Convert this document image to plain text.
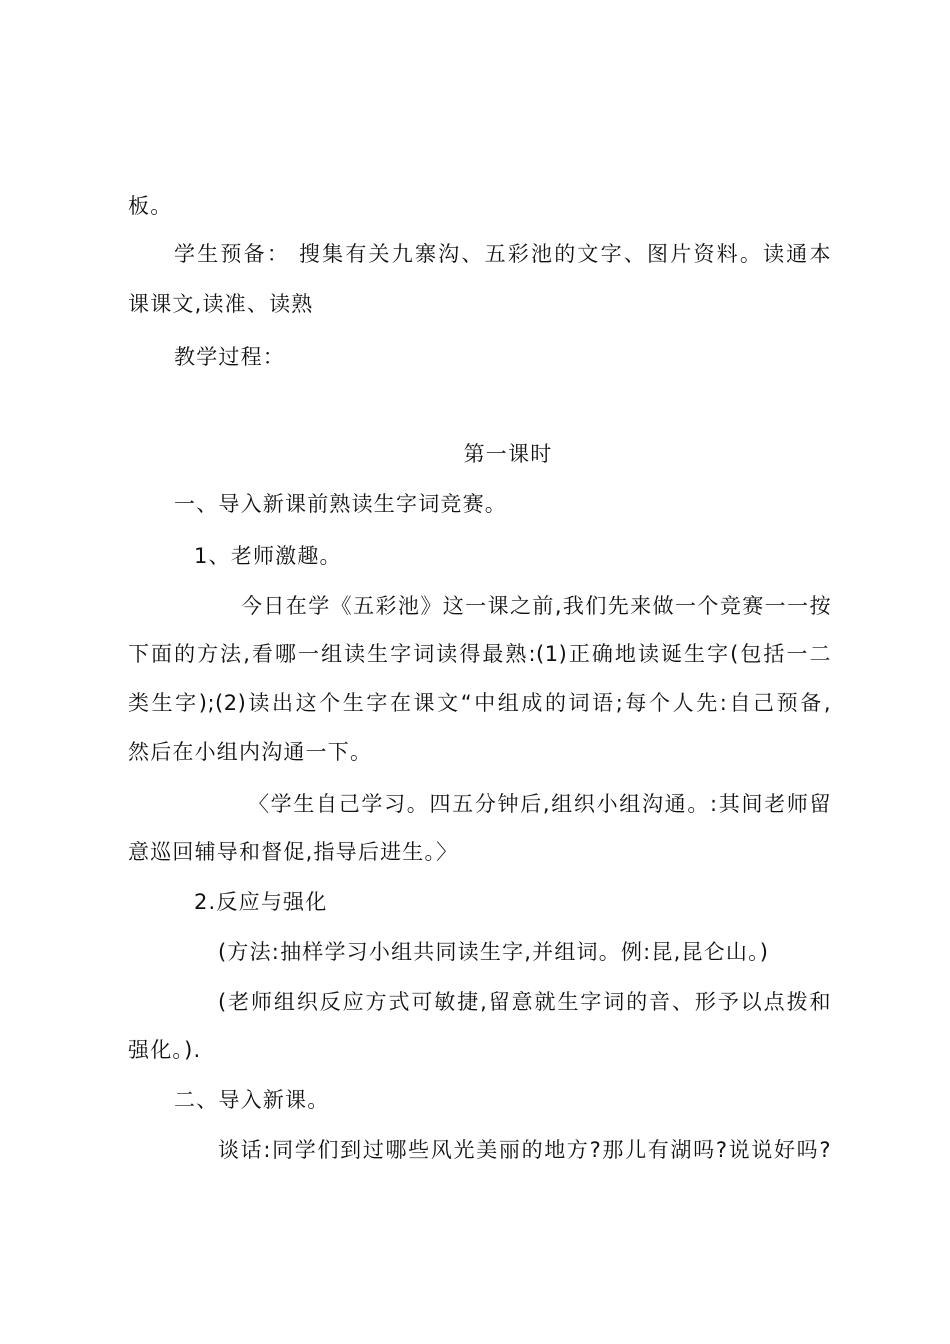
板。
学生预备： 搜集有关九寨沟、五彩池的文字、图片资料。读通本
课课文,读准、读熟
教学过程：
第一课时
一、导入新课前熟读生字词竞赛。
1、老师激趣。
今日在学《五彩池》这一课之前,我们先来做一个竞赛一一按
下面的方法,看哪一组读生字词读得最熟:(1)正确地读诞生字(包括一二
类生字);(2)读出这个生字在课文“中组成的词语;每个人先:自己预备,
然后在小组内沟通一下。
〈学生自己学习。四五分钟后,组织小组沟通。:其间老师留
意巡回辅导和督促,指导后进生。〉
2.反应与强化
(方法:抽样学习小组共同读生字,并组词。例:昆,昆仑山。)
(老师组织反应方式可敏捷,留意就生字词的音、形予以点拨和
强化。).
二、导入新课。
谈话:同学们到过哪些风光美丽的地方?那儿有湖吗?说说好吗?
